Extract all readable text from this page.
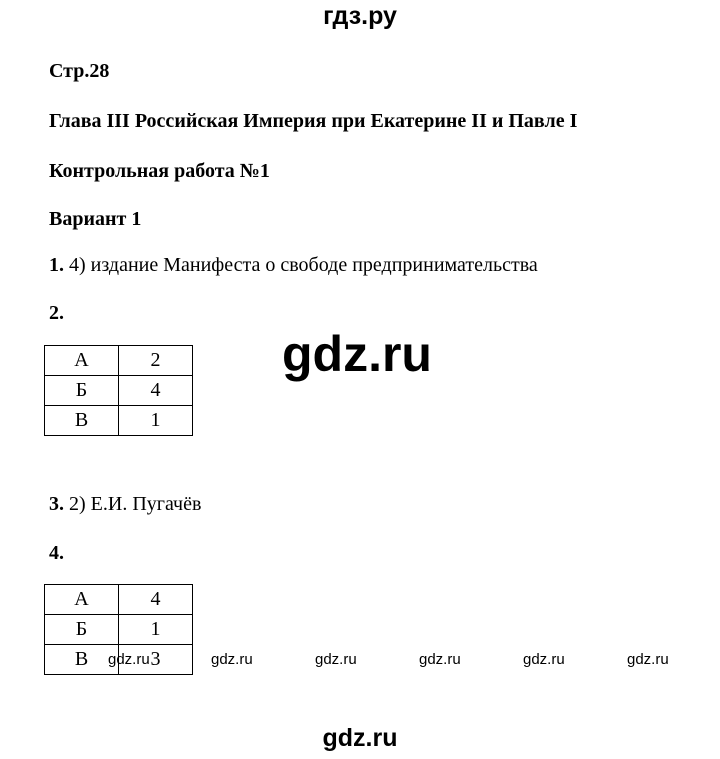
гдз.ру
Стр.28
Глава III Российская Империя при Екатерине II и Павле I
Контрольная работа №1
Вариант 1
1. 4) издание Манифеста о свободе предпринимательства
2.
А	2
Б	4
В	1
3. 2) Е.И. Пугачёв
4.
А	4
Б	1
В	3
gdz.ru
gdz.ru	gdz.ru	gdz.ru	gdz.ru	gdz.ru	gdz.ru
gdz.ru
